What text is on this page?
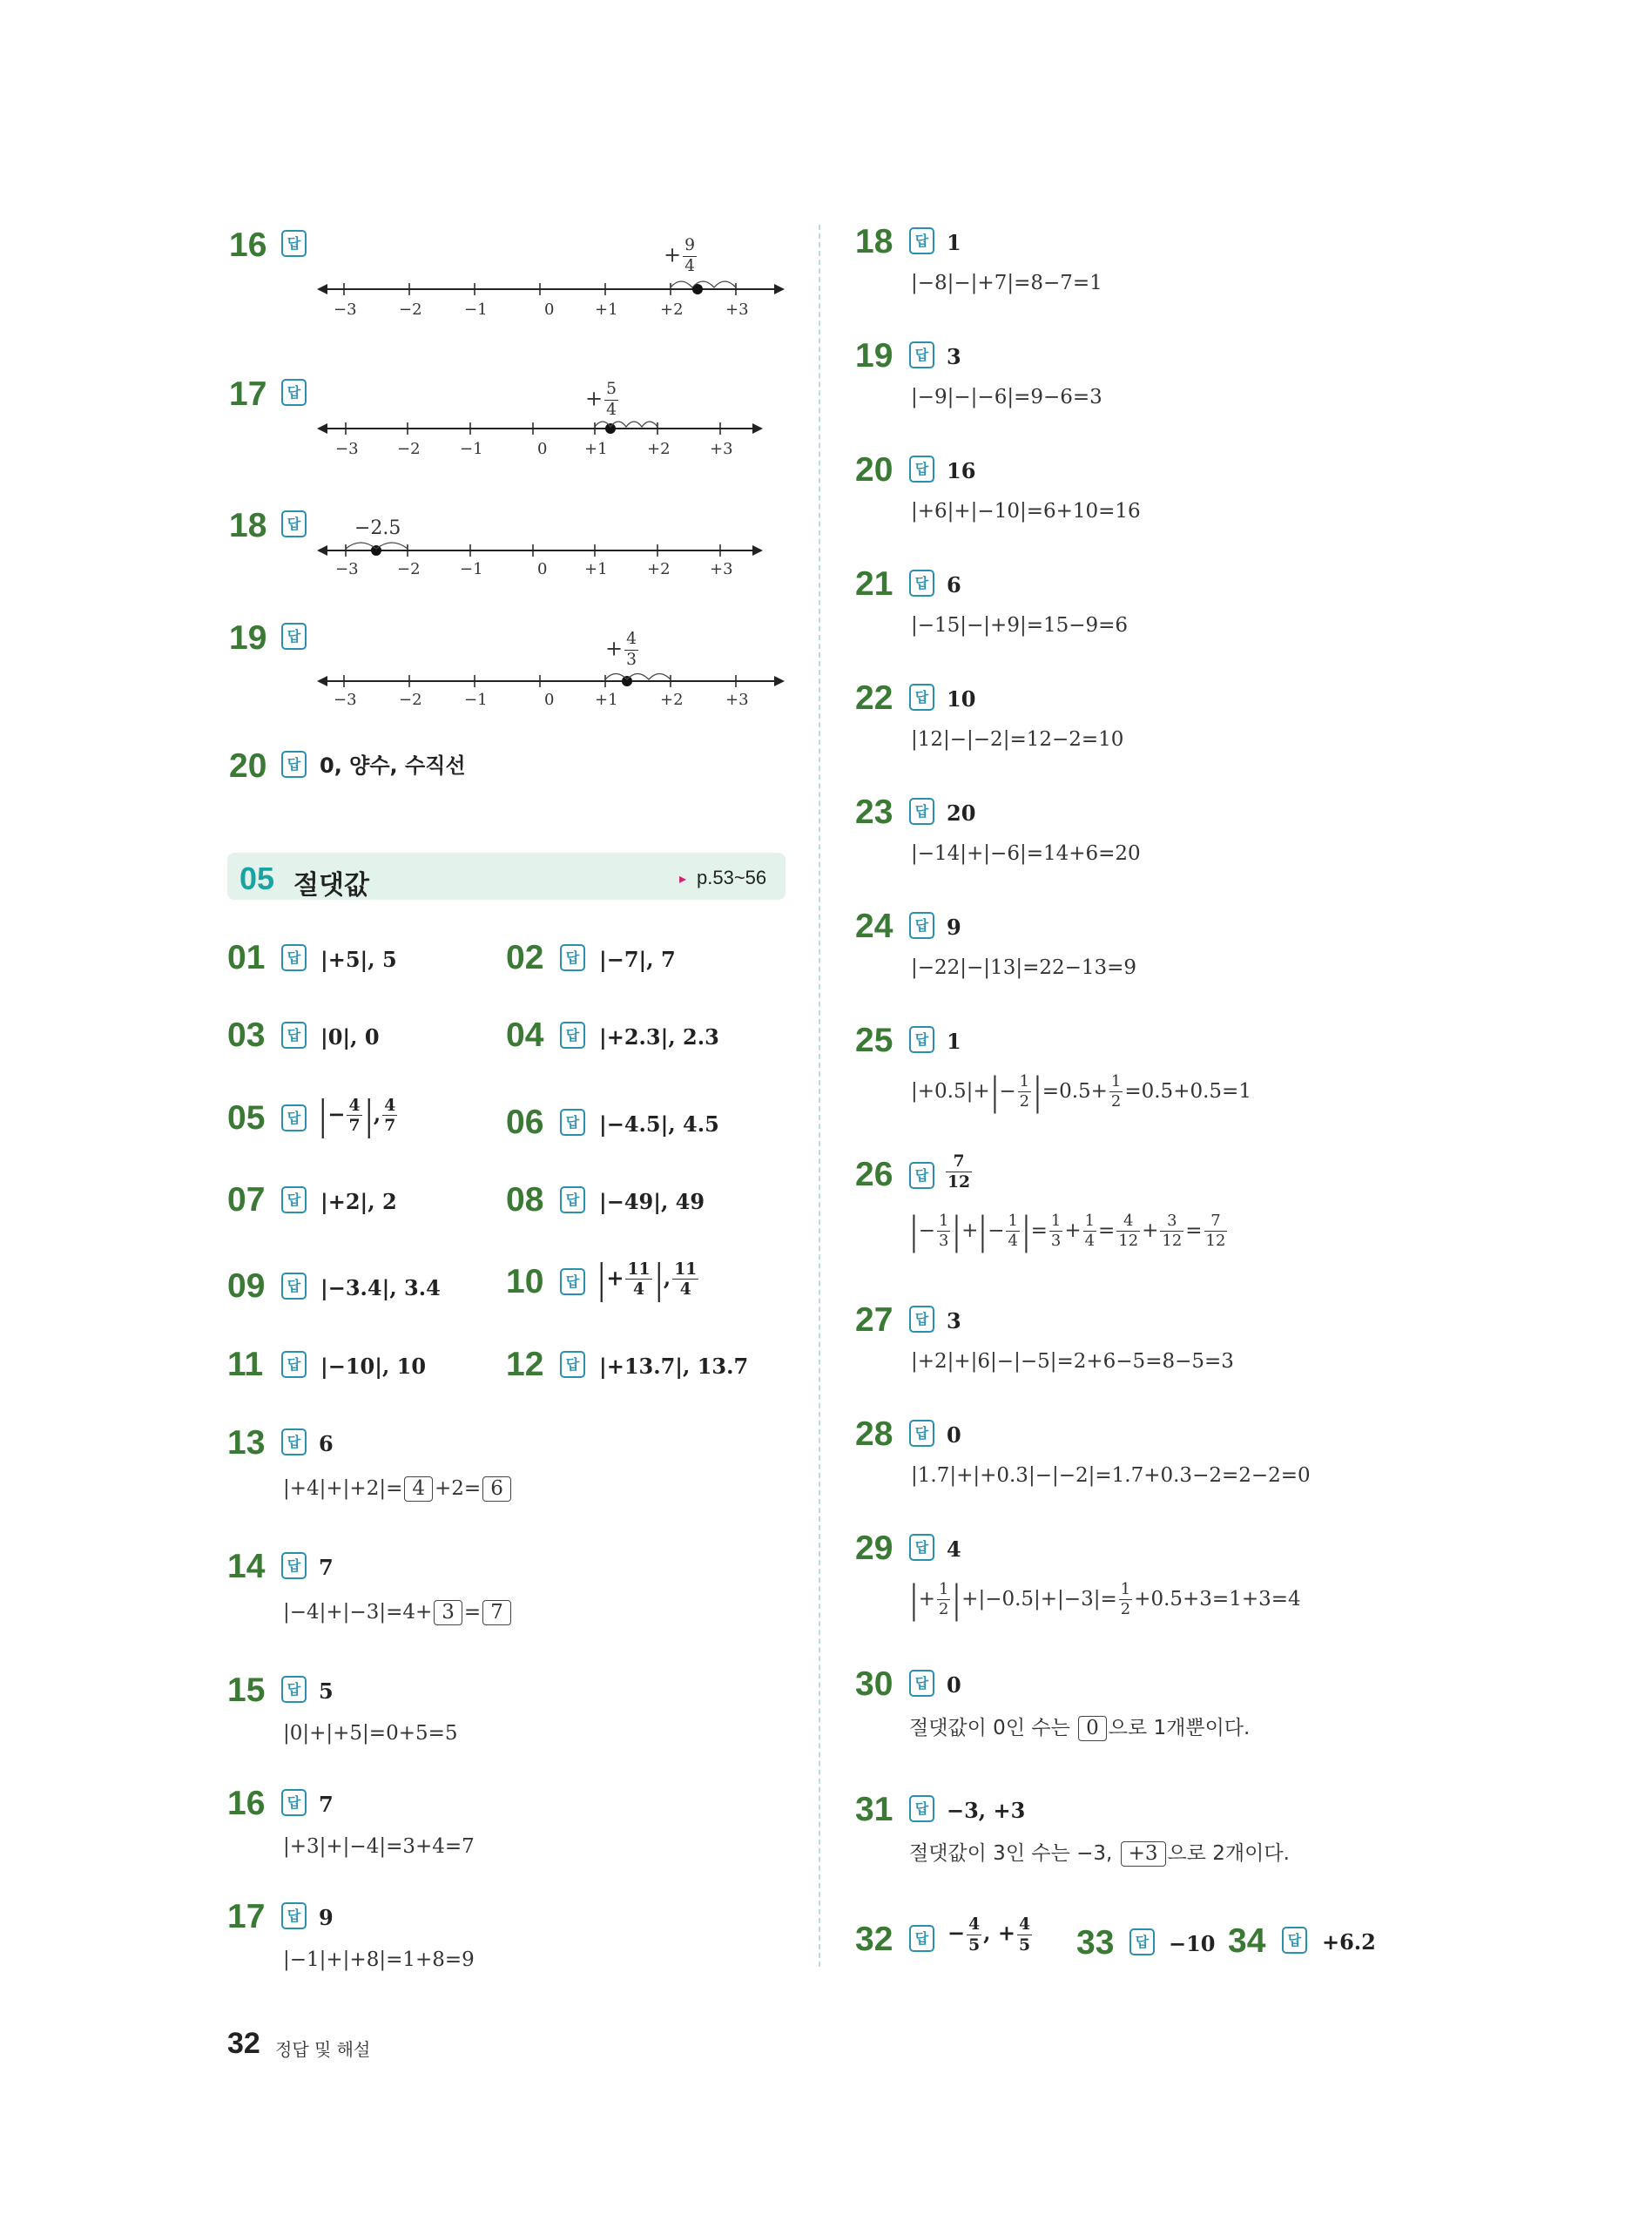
16	답
−3	−2	−1	0	+1	+2	+3
+ $\frac{9}{4}$
17	답
−3 −2	−1	0 +1	+2	+3
+ $\frac{5}{4}$
18	답
−3 −2	−1	0 +1	+2	+3
−2.5
19	답
−3	−2	−1	0	+1	+2	+3
+ $\frac{4}{3}$
20	답 0, 양수, 수직선
05 절댓값	▸ p.53~56
01	답 |+5|, 5	02	답 |−7|, 7
03	답 |0|, 0	04	답 |+2.3|, 2.3
05	답 |− $\frac{4}{7}$ |, $\frac{4}{7}$	06	답 |−4.5|, 4.5
07	답 |+2|, 2	08	답 |−49|, 49
09	답 |−3.4|, 3.4 10	답 |+ $\frac{11}{4}$ |, $\frac{11}{4}$
11	답 |−10|, 10 12	답 |+13.7|, 13.7
13	답 6
|+4|+|+2|= 4 +2= 6
14	답 7
|−4|+|−3|=4+ 3 = 7
15	답 5
|0|+|+5|=0+5=5
16	답 7
|+3|+|−4|=3+4=7
17	답 9
|−1|+|+8|=1+8=9
18	답 1
|−8|−|+7|=8−7=1
19	답 3
|−9|−|−6|=9−6=3
20	답 16
|+6|+|−10|=6+10=16
21	답 6
|−15|−|+9|=15−9=6
22	답 10
|12|−|−2|=12−2=10
23	답 20
|−14|+|−6|=14+6=20
24	답 9
|−22|−|13|=22−13=9
25	답 1
$|+0.5|+|- \frac{1}{2} |=0.5+ \frac{1}{2} =0.5+0.5=1$
26	답	$\frac{7}{12}$
|− $\frac{1}{3}$ |+|− $\frac{1}{4}$ |= $\frac{1}{3} + \frac{1}{4} = \frac{4}{12} + \frac{3}{12} = \frac{7}{12}$
27	답 3
|+2|+|6|−|−5|=2+6−5=8−5=3
28	답 0
|1.7|+|+0.3|−|−2|=1.7+0.3−2=2−2=0
29	답 4
|+ $\frac{1}{2} |+|-0.5|+|-3|= \frac{1}{2} +0.5+3=1+3=4$
30	답 0
절댓값이 0인 수는 0 으로 1개뿐이다.
31	답 −3, +3
절댓값이 3인 수는 −3, +3 으로 2개이다.
32	답 − $\frac{4}{5}$ , + $\frac{4}{5} 33$	답 −10 34	답 +6.2
32 정답 및 해설
